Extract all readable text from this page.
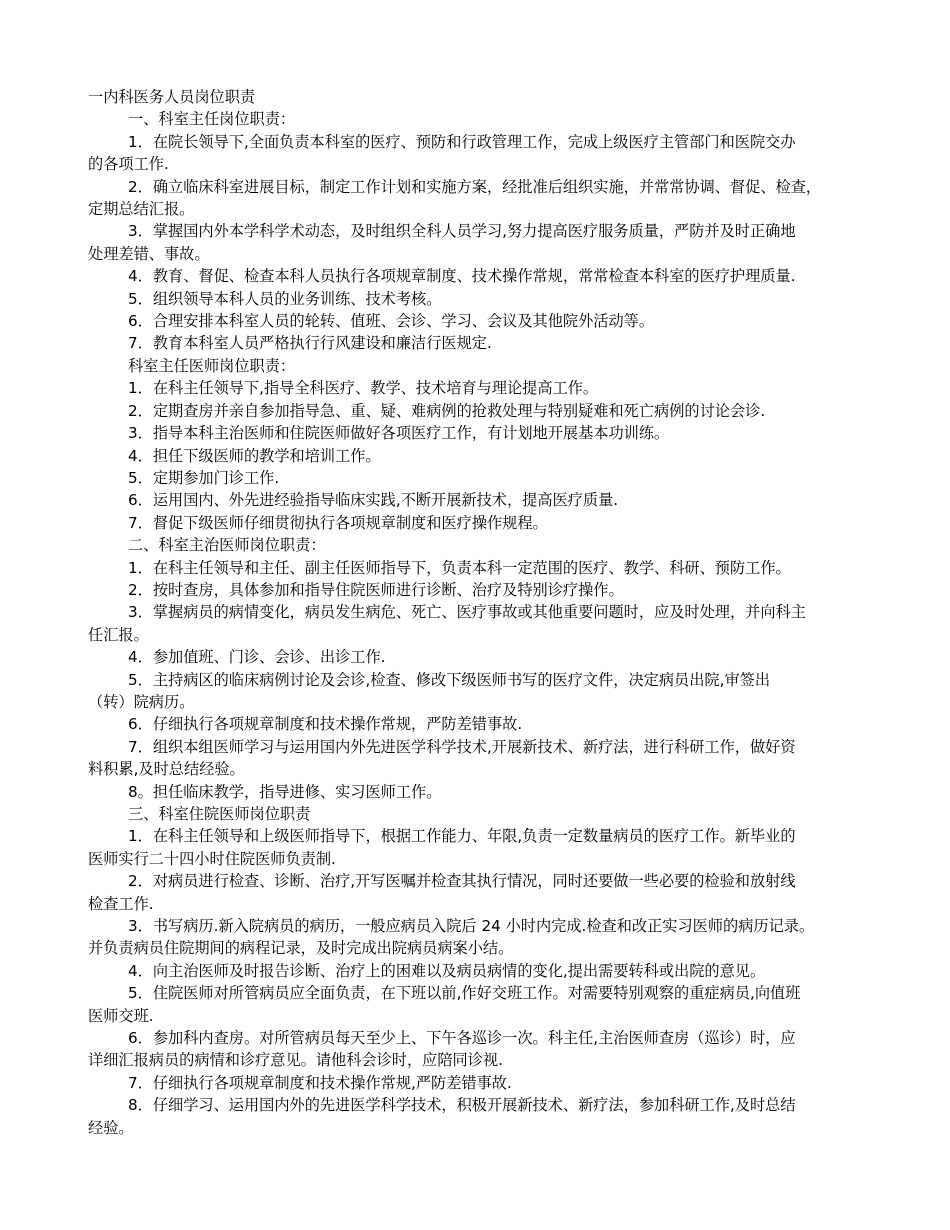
一内科医务人员岗位职责

一、科室主任岗位职责：

1．在院长领导下,全面负责本科室的医疗、预防和行政管理工作，完成上级医疗主管部门和医院交办

的各项工作.

2．确立临床科室进展目标，制定工作计划和实施方案，经批准后组织实施，并常常协调、督促、检查，

定期总结汇报。

3．掌握国内外本学科学术动态，及时组织全科人员学习,努力提高医疗服务质量，严防并及时正确地

处理差错、事故。

4．教育、督促、检查本科人员执行各项规章制度、技术操作常规，常常检查本科室的医疗护理质量.

5．组织领导本科人员的业务训练、技术考核。

6．合理安排本科室人员的轮转、值班、会诊、学习、会议及其他院外活动等。

7．教育本科室人员严格执行行风建设和廉洁行医规定.

科室主任医师岗位职责：

1．在科主任领导下,指导全科医疗、教学、技术培育与理论提高工作。

2．定期查房并亲自参加指导急、重、疑、难病例的抢救处理与特别疑难和死亡病例的讨论会诊.

3．指导本科主治医师和住院医师做好各项医疗工作，有计划地开展基本功训练。

4．担任下级医师的教学和培训工作。

5．定期参加门诊工作.

6．运用国内、外先进经验指导临床实践,不断开展新技术，提高医疗质量.

7．督促下级医师仔细贯彻执行各项规章制度和医疗操作规程。

二、科室主治医师岗位职责：

1．在科主任领导和主任、副主任医师指导下，负责本科一定范围的医疗、教学、科研、预防工作。

2．按时查房，具体参加和指导住院医师进行诊断、治疗及特别诊疗操作。

3．掌握病员的病情变化，病员发生病危、死亡、医疗事故或其他重要问题时，应及时处理，并向科主

任汇报。

4．参加值班、门诊、会诊、出诊工作.

5．主持病区的临床病例讨论及会诊,检查、修改下级医师书写的医疗文件，决定病员出院,审签出

（转）院病历。

6．仔细执行各项规章制度和技术操作常规，严防差错事故.

7．组织本组医师学习与运用国内外先进医学科学技术,开展新技术、新疗法，进行科研工作，做好资

料积累,及时总结经验。

8。担任临床教学，指导进修、实习医师工作。

三、科室住院医师岗位职责

1．在科主任领导和上级医师指导下，根据工作能力、年限,负责一定数量病员的医疗工作。新毕业的

医师实行二十四小时住院医师负责制.

2．对病员进行检查、诊断、治疗,开写医嘱并检查其执行情况，同时还要做一些必要的检验和放射线

检查工作.

3．书写病历.新入院病员的病历，一般应病员入院后 24 小时内完成.检查和改正实习医师的病历记录。

并负责病员住院期间的病程记录，及时完成出院病员病案小结。

4．向主治医师及时报告诊断、治疗上的困难以及病员病情的变化,提出需要转科或出院的意见。

5．住院医师对所管病员应全面负责，在下班以前,作好交班工作。对需要特别观察的重症病员,向值班

医师交班.

6．参加科内查房。对所管病员每天至少上、下午各巡诊一次。科主任,主治医师查房（巡诊）时，应

详细汇报病员的病情和诊疗意见。请他科会诊时，应陪同诊视.

7．仔细执行各项规章制度和技术操作常规,严防差错事故.

8．仔细学习、运用国内外的先进医学科学技术，积极开展新技术、新疗法，参加科研工作,及时总结

经验。
